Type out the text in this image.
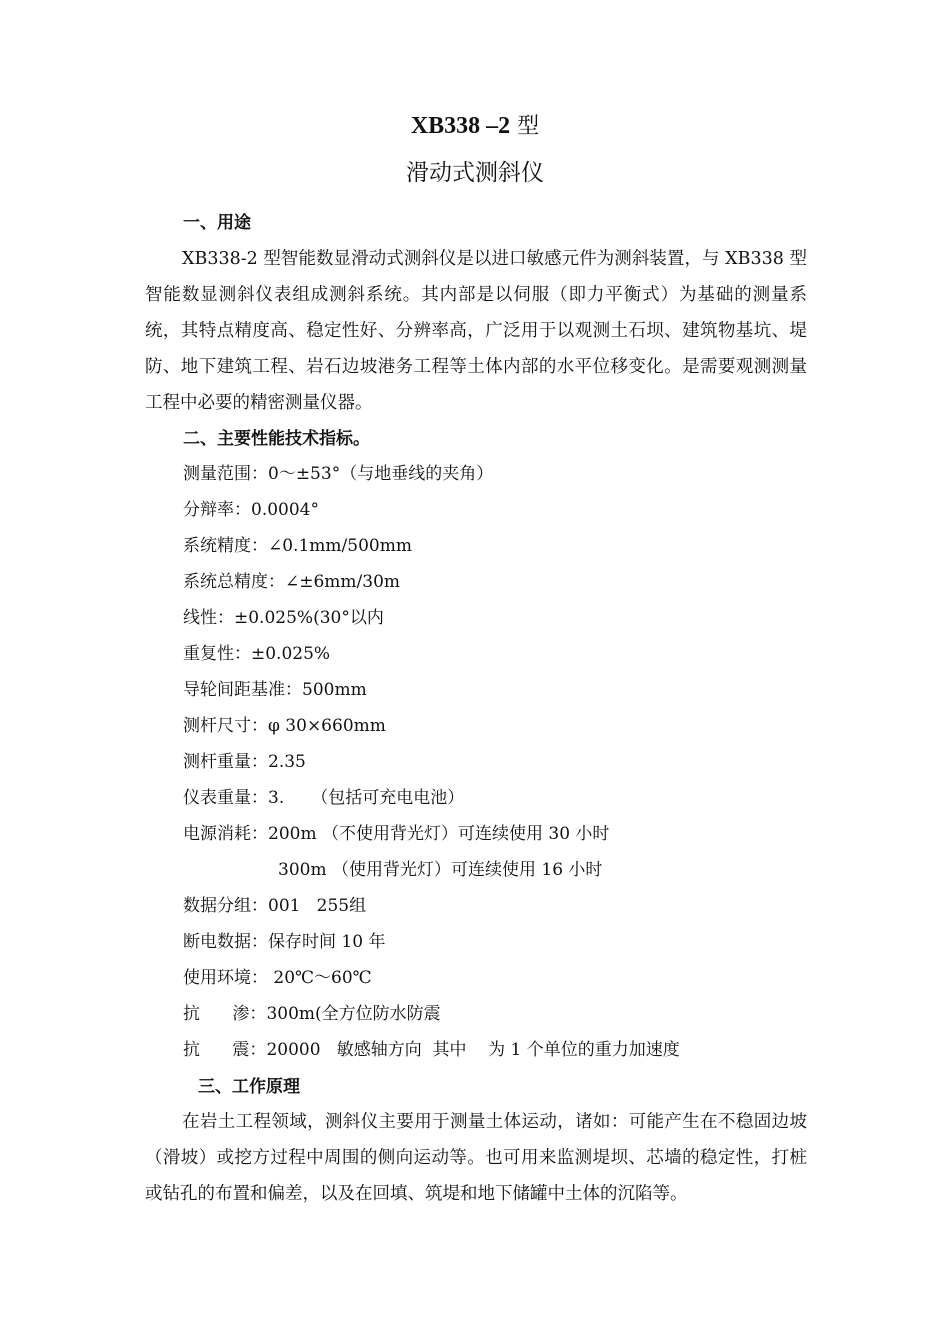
XB338 –2 型
滑动式测斜仪
一、用途

XB338-2 型智能数显滑动式测斜仪是以进口敏感元件为测斜装置，与 XB338 型智能数显测斜仪表组成测斜系统。其内部是以伺服（即力平衡式）为基础的测量系统，其特点精度高、稳定性好、分辨率高，广泛用于以观测土石坝、建筑物基坑、堤防、地下建筑工程、岩石边坡港务工程等土体内部的水平位移变化。是需要观测测量工程中必要的精密测量仪器。

二、主要性能技术指标。
测量范围：0～±53°（与地垂线的夹角）
分辩率：0.0004°
系统精度：∠0.1mm/500mm
系统总精度：∠±6mm/30m
线性：±0.025%(30°以内
重复性：±0.025%
导轮间距基准：500mm
测杆尺寸：φ 30×660mm
测杆重量：2.35
仪表重量：3.     （包括可充电电池）
电源消耗：200m （不使用背光灯）可连续使用 30 小时
300m （使用背光灯）可连续使用 16 小时
数据分组：001   255组
断电数据：保存时间 10 年
使用环境： 20℃～60℃
抗      渗：300m(全方位防水防震
抗      震：20000   敏感轴方向  其中    为 1 个单位的重力加速度
三、工作原理

在岩土工程领域，测斜仪主要用于测量土体运动，诸如：可能产生在不稳固边坡（滑坡）或挖方过程中周围的侧向运动等。也可用来监测堤坝、芯墙的稳定性，打桩或钻孔的布置和偏差，以及在回填、筑堤和地下储罐中土体的沉陷等。
